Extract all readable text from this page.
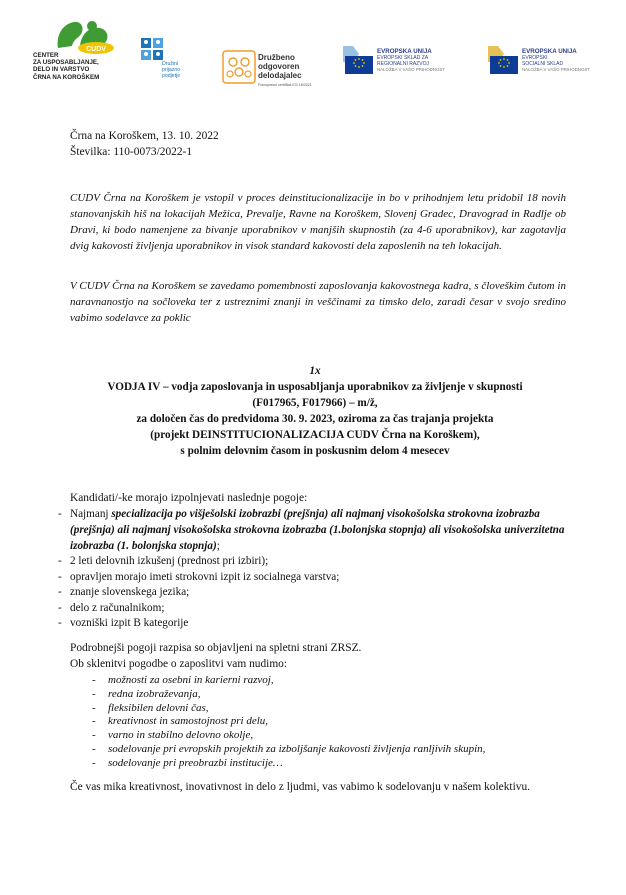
CUDV
CENTER
ZA USPOSABLJANJE,
DELO IN VARSTVO
ČRNA NA KOROŠKEM
Družini
prijazno
podjetje
Družbeno
odgovoren
delodajalec
Polnopravni certifikat EG-18/2021
EVROPSKA UNIJA
EVROPSKI SKLAD ZA
REGIONALNI RAZVOJ
NALOŽBA V VAŠO PRIHODNOST
EVROPSKA UNIJA
EVROPSKI
SOCIALNI SKLAD
NALOŽBA V VAŠO PRIHODNOST
Črna na Koroškem, 13. 10. 2022
Številka: 110-0073/2022-1
CUDV Črna na Koroškem je vstopil v proces deinstitucionalizacije in bo v prihodnjem letu pridobil 18 novih stanovanjskih hiš na lokacijah Mežica, Prevalje, Ravne na Koroškem, Slovenj Gradec, Dravograd in Radlje ob Dravi, ki bodo namenjene za bivanje uporabnikov v manjših skupnostih (za 4-6 uporabnikov), kar zagotavlja dvig kakovosti življenja uporabnikov in visok standard kakovosti dela zaposlenih na teh lokacijah.
V CUDV Črna na Koroškem se zavedamo pomembnosti zaposlovanja kakovostnega kadra, s človeškim čutom in naravnanostjo na sočloveka ter z ustreznimi znanji in veščinami za timsko delo, zaradi česar v svojo sredino vabimo sodelavce za poklic
1x
VODJA IV – vodja zaposlovanja in usposabljanja uporabnikov za življenje v skupnosti
(F017965, F017966) – m/ž,
za določen čas do predvidoma 30. 9. 2023, oziroma za čas trajanja projekta
(projekt DEINSTITUCIONALIZACIJA CUDV Črna na Koroškem),
s polnim delovnim časom in poskusnim delom 4 mesecev
Kandidati/-ke morajo izpolnjevati naslednje pogoje:
- Najmanj specializacija po višješolski izobrazbi (prejšnja) ali najmanj visokošolska strokovna izobrazba (prejšnja) ali najmanj visokošolska strokovna izobrazba (1.bolonjska stopnja) ali visokošolska univerzitetna izobrazba (1. bolonjska stopnja);
- 2 leti delovnih izkušenj (prednost pri izbiri);
- opravljen morajo imeti strokovni izpit iz socialnega varstva;
- znanje slovenskega jezika;
- delo z računalnikom;
- vozniški izpit B kategorije
Podrobnejši pogoji razpisa so objavljeni na spletni strani ZRSZ.
Ob sklenitvi pogodbe o zaposlitvi vam nudimo:
- možnosti za osebni in karierni razvoj,
- redna izobraževanja,
- fleksibilen delovni čas,
- kreativnost in samostojnost pri delu,
- varno in stabilno delovno okolje,
- sodelovanje pri evropskih projektih za izboljšanje kakovosti življenja ranljivih skupin,
- sodelovanje pri preobrazbi institucije…
Če vas mika kreativnost, inovativnost in delo z ljudmi, vas vabimo k sodelovanju v našem kolektivu.
